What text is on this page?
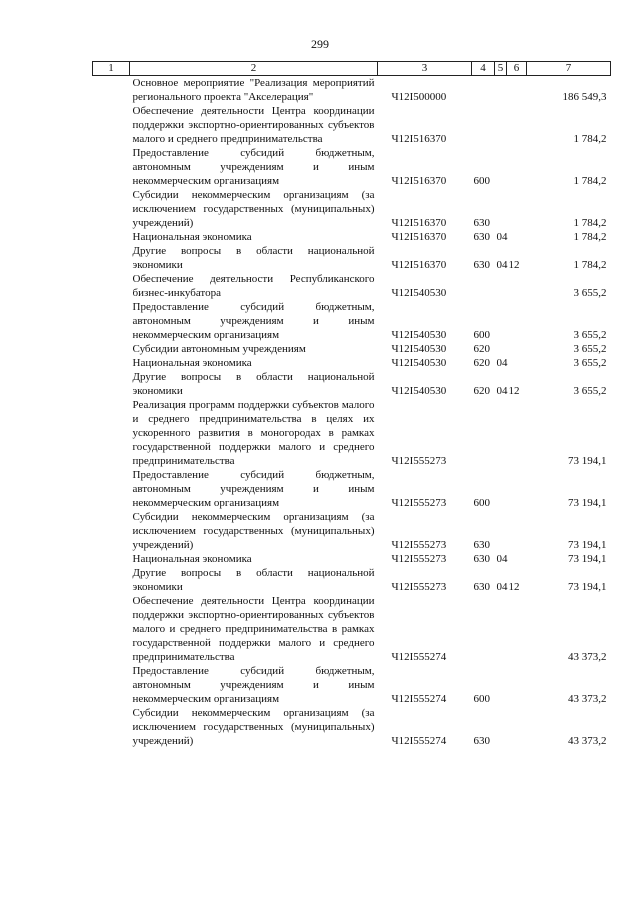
299
1	2	3	4	5	6	7
	Основное мероприятие "Реализация мероприятий регионального проекта "Акселерация"	Ч12I500000				186 549,3
	Обеспечение деятельности Центра координации поддержки экспортно-ориентированных субъектов малого и среднего предпринимательства	Ч12I516370				1 784,2
	Предоставление субсидий бюджетным, автономным учреждениям и иным некоммерческим организациям	Ч12I516370	600			1 784,2
	Субсидии некоммерческим организациям (за исключением государственных (муниципальных) учреждений)	Ч12I516370	630			1 784,2
	Национальная экономика	Ч12I516370	630	04		1 784,2
	Другие вопросы в области национальной экономики	Ч12I516370	630	04	12	1 784,2
	Обеспечение деятельности Республиканского бизнес-инкубатора	Ч12I540530				3 655,2
	Предоставление субсидий бюджетным, автономным учреждениям и иным некоммерческим организациям	Ч12I540530	600			3 655,2
	Субсидии автономным учреждениям	Ч12I540530	620			3 655,2
	Национальная экономика	Ч12I540530	620	04		3 655,2
	Другие вопросы в области национальной экономики	Ч12I540530	620	04	12	3 655,2
	Реализация программ поддержки субъектов малого и среднего предпринимательства в целях их ускоренного развития в моногородах в рамках государственной поддержки малого и среднего предпринимательства	Ч12I555273				73 194,1
	Предоставление субсидий бюджетным, автономным учреждениям и иным некоммерческим организациям	Ч12I555273	600			73 194,1
	Субсидии некоммерческим организациям (за исключением государственных (муниципальных) учреждений)	Ч12I555273	630			73 194,1
	Национальная экономика	Ч12I555273	630	04		73 194,1
	Другие вопросы в области национальной экономики	Ч12I555273	630	04	12	73 194,1
	Обеспечение деятельности Центра координации поддержки экспортно-ориентированных субъектов малого и среднего предпринимательства в рамках государственной поддержки малого и среднего предпринимательства	Ч12I555274				43 373,2
	Предоставление субсидий бюджетным, автономным учреждениям и иным некоммерческим организациям	Ч12I555274	600			43 373,2
	Субсидии некоммерческим организациям (за исключением государственных (муниципальных) учреждений)	Ч12I555274	630			43 373,2
